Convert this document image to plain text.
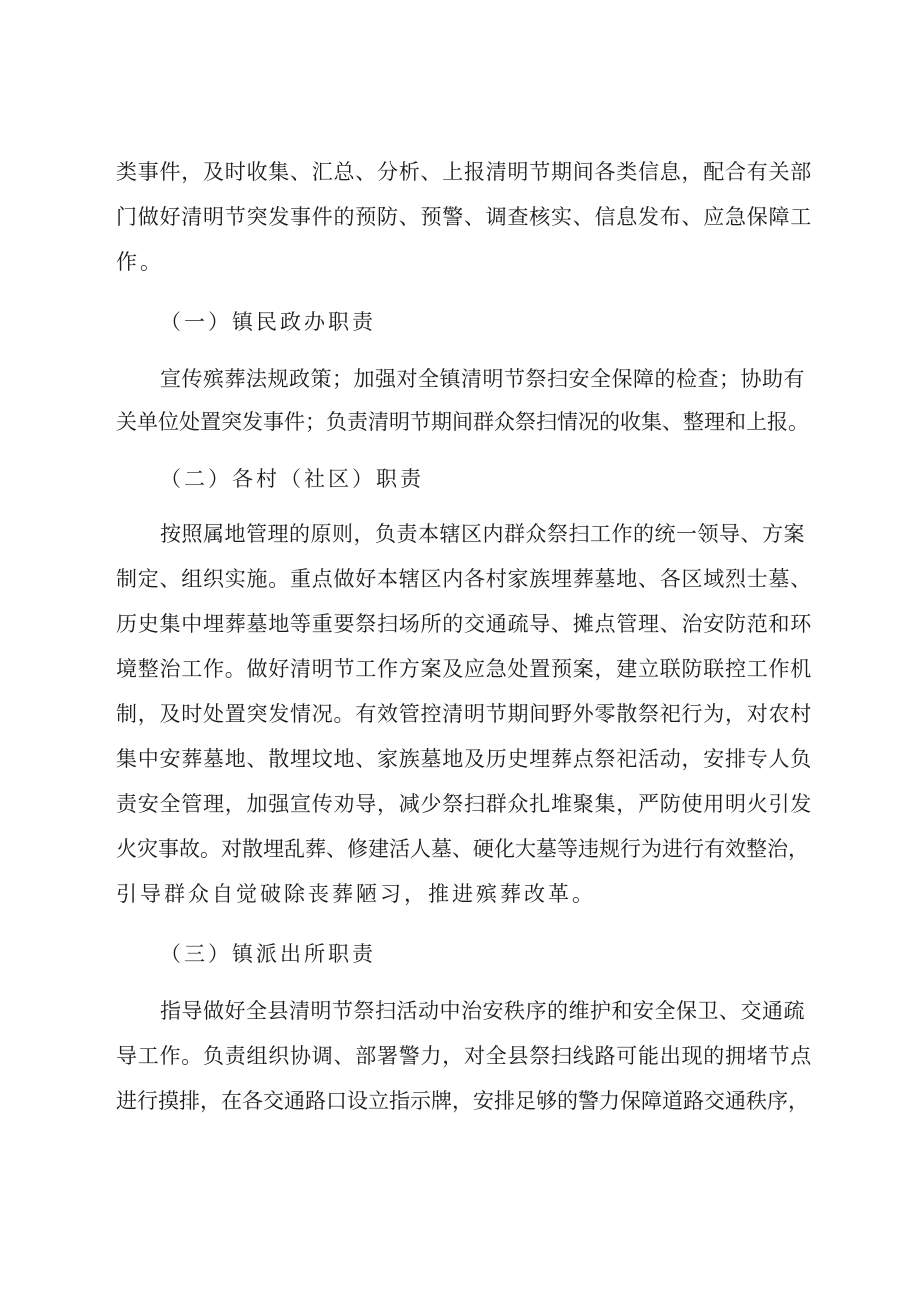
类事件，及时收集、汇总、分析、上报清明节期间各类信息，配合有关部
门做好清明节突发事件的预防、预警、调查核实、信息发布、应急保障工
作。
（一）镇民政办职责
宣传殡葬法规政策；加强对全镇清明节祭扫安全保障的检查；协助有
关单位处置突发事件；负责清明节期间群众祭扫情况的收集、整理和上报。
（二）各村（社区）职责
按照属地管理的原则，负责本辖区内群众祭扫工作的统一领导、方案
制定、组织实施。重点做好本辖区内各村家族埋葬墓地、各区域烈士墓、
历史集中埋葬墓地等重要祭扫场所的交通疏导、摊点管理、治安防范和环
境整治工作。做好清明节工作方案及应急处置预案，建立联防联控工作机
制，及时处置突发情况。有效管控清明节期间野外零散祭祀行为，对农村
集中安葬墓地、散埋坟地、家族墓地及历史埋葬点祭祀活动，安排专人负
责安全管理，加强宣传劝导，减少祭扫群众扎堆聚集，严防使用明火引发
火灾事故。对散埋乱葬、修建活人墓、硬化大墓等违规行为进行有效整治，
引导群众自觉破除丧葬陋习，推进殡葬改革。
（三）镇派出所职责
指导做好全县清明节祭扫活动中治安秩序的维护和安全保卫、交通疏
导工作。负责组织协调、部署警力，对全县祭扫线路可能出现的拥堵节点
进行摸排，在各交通路口设立指示牌，安排足够的警力保障道路交通秩序，
